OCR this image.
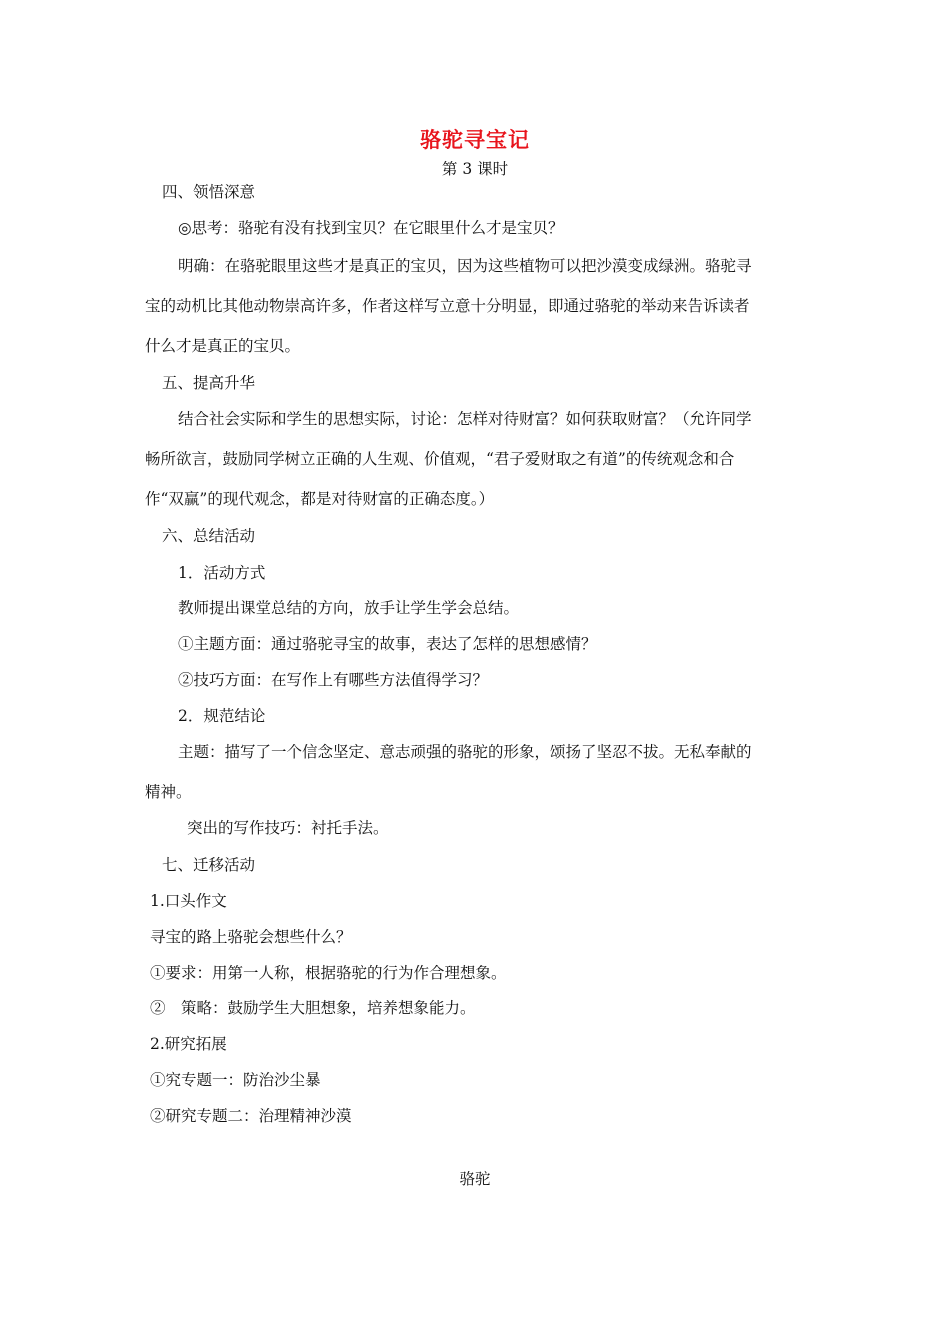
骆驼寻宝记
第 3 课时
四、领悟深意
◎思考：骆驼有没有找到宝贝？在它眼里什么才是宝贝？
明确：在骆驼眼里这些才是真正的宝贝，因为这些植物可以把沙漠变成绿洲。骆驼寻
宝的动机比其他动物崇高许多，作者这样写立意十分明显，即通过骆驼的举动来告诉读者
什么才是真正的宝贝。
五、提高升华
结合社会实际和学生的思想实际，讨论：怎样对待财富？如何获取财富？（允许同学
畅所欲言，鼓励同学树立正确的人生观、价值观，“君子爱财取之有道”的传统观念和合
作“双赢”的现代观念，都是对待财富的正确态度。）
六、总结活动
1．活动方式
教师提出课堂总结的方向，放手让学生学会总结。
①主题方面：通过骆驼寻宝的故事，表达了怎样的思想感情？
②技巧方面：在写作上有哪些方法值得学习？
2．规范结论
主题：描写了一个信念坚定、意志顽强的骆驼的形象，颂扬了坚忍不拔。无私奉献的
精神。
突出的写作技巧：衬托手法。
七、迁移活动
1.口头作文
寻宝的路上骆驼会想些什么？
①要求：用第一人称，根据骆驼的行为作合理想象。
②　策略：鼓励学生大胆想象，培养想象能力。
2.研究拓展
①究专题一：防治沙尘暴
②研究专题二：治理精神沙漠
骆驼
